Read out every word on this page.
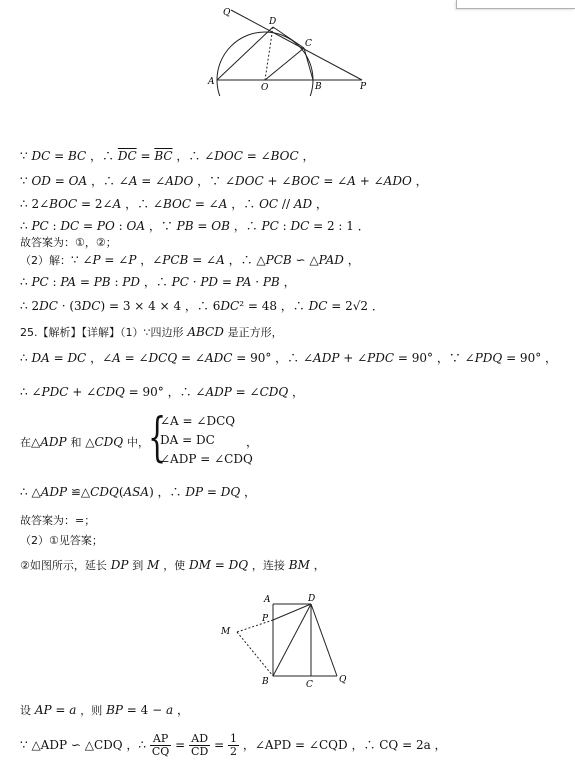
Q
D
C
A
O	B	P
∵ DC = BC ，∴ $\overline{DC} = \overline{BC}$ ，∴ ∠DOC = ∠BOC ，
∵ OD = OA ，∴ ∠A = ∠ADO ，∵ ∠DOC + ∠BOC = ∠A + ∠ADO ，
∴ 2∠BOC = 2∠A ，∴ ∠BOC = ∠A ，∴ OC // AD ，
∴ PC : DC = PO : OA ，∵ PB = OB ，∴ PC : DC = 2 : 1 ．
故答案为：①，②；
（2）解：∵ ∠P = ∠P ，∠PCB = ∠A ，∴ △PCB ∽ △PAD ，
∴ PC : PA = PB : PD ，∴ PC · PD = PA · PB ，
∴ 2DC · (3DC) = 3 × 4 × 4 ，∴ 6DC² = 48 ，∴ DC = 2√2 ．
25.【解析】【详解】（1）∵四边形 ABCD 是正方形，
∴ DA = DC ，∠A = ∠DCQ = ∠ADC = 90° ，∴ ∠ADP + ∠PDC = 90° ，∵ ∠PDQ = 90° ，
∴ ∠PDC + ∠CDQ = 90° ，∴ ∠ADP = ∠CDQ ，
在△ADP 和 △CDQ 中， {
∠A = ∠DCQ
DA = DC
∠ADP = ∠CDQ
，
∴ △ADP ≌△CDQ(ASA) ，∴ DP = DQ ，
故答案为：=；
（2）①见答案；
②如图所示，延长 DP 到 M ，使 DM = DQ ，连接 BM ，
A	D
P
M
B	C	Q
设 AP = a ，则 BP = 4 − a ，
∵ △ADP ∽ △CDQ ，∴ $\frac{AP}{CQ} = \frac{AD}{CD} = \frac{1}{2}$ ，∠APD = ∠CQD ，∴ CQ = 2a ，
